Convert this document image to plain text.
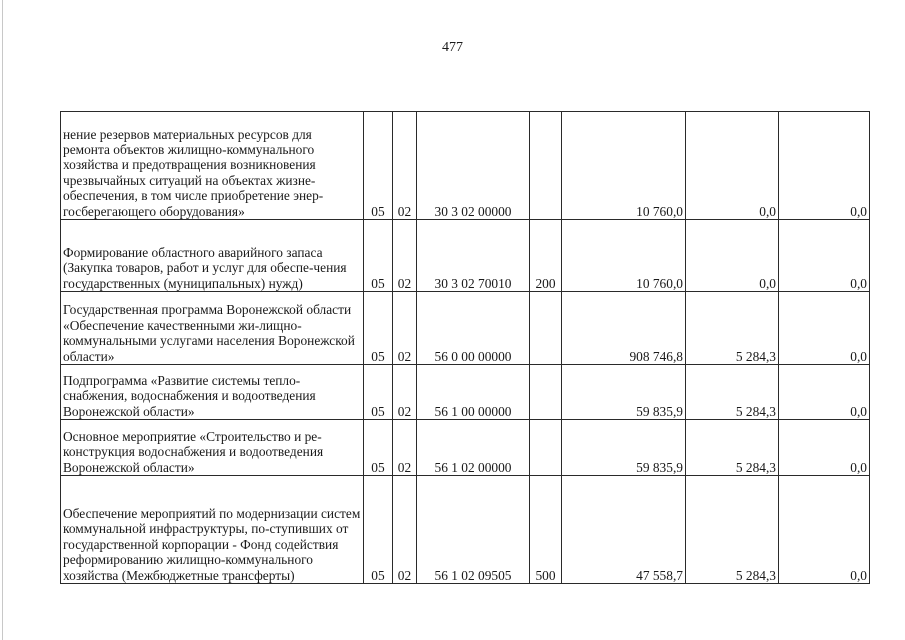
477
нение резервов материальных ресурсов для ремонта объектов жилищно-коммунального хозяйства и предотвращения возникновения чрезвычайных ситуаций на объектах жизне-обеспечения, в том числе приобретение энер-госберегающего оборудования»	05	02	30 3 02 00000		10 760,0	0,0	0,0

Формирование областного аварийного запаса (Закупка товаров, работ и услуг для обеспе-чения государственных (муниципальных) нужд)	05	02	30 3 02 70010	200	10 760,0	0,0	0,0

Государственная программа Воронежской области «Обеспечение качественными жи-лищно-коммунальными услугами населения Воронежской области»	05	02	56 0 00 00000		908 746,8	5 284,3	0,0

Подпрограмма «Развитие системы тепло-снабжения, водоснабжения и водоотведения Воронежской области»	05	02	56 1 00 00000		59 835,9	5 284,3	0,0

Основное мероприятие «Строительство и ре-конструкция водоснабжения и водоотведения Воронежской области»	05	02	56 1 02 00000		59 835,9	5 284,3	0,0

Обеспечение мероприятий по модернизации систем коммунальной инфраструктуры, по-ступивших от государственной корпорации - Фонд содействия реформированию жилищно-коммунального хозяйства (Межбюджетные трансферты)	05	02	56 1 02 09505	500	47 558,7	5 284,3	0,0
